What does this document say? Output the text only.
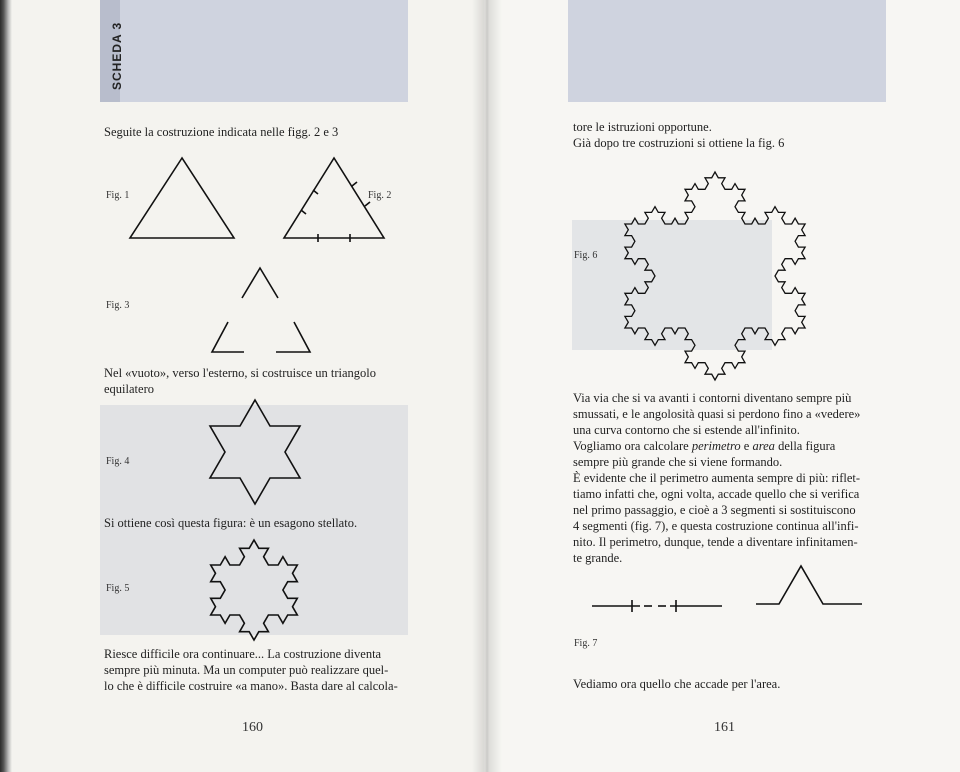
SCHEDA 3
Seguite la costruzione indicata nelle figg. 2 e 3
Fig. 1	Fig. 2
Fig. 3
Nel «vuoto», verso l'esterno, si costruisce un triangolo
equilatero
Fig. 4
Si ottiene così questa figura: è un esagono stellato.
Fig. 5
Riesce difficile ora continuare... La costruzione diventa
sempre più minuta. Ma un computer può realizzare quel-
lo che è difficile costruire «a mano». Basta dare al calcola-
160
tore le istruzioni opportune.
Già dopo tre costruzioni si ottiene la fig. 6
Fig. 6
Via via che si va avanti i contorni diventano sempre più
smussati, e le angolosità quasi si perdono fino a «vedere»
una curva contorno che si estende all'infinito.
Vogliamo ora calcolare perimetro e area della figura
sempre più grande che si viene formando.
È evidente che il perimetro aumenta sempre di più: riflet-
tiamo infatti che, ogni volta, accade quello che si verifica
nel primo passaggio, e cioè a 3 segmenti si sostituiscono
4 segmenti (fig. 7), e questa costruzione continua all'infi-
nito. Il perimetro, dunque, tende a diventare infinitamen-
te grande.
Fig. 7
Vediamo ora quello che accade per l'area.
161
